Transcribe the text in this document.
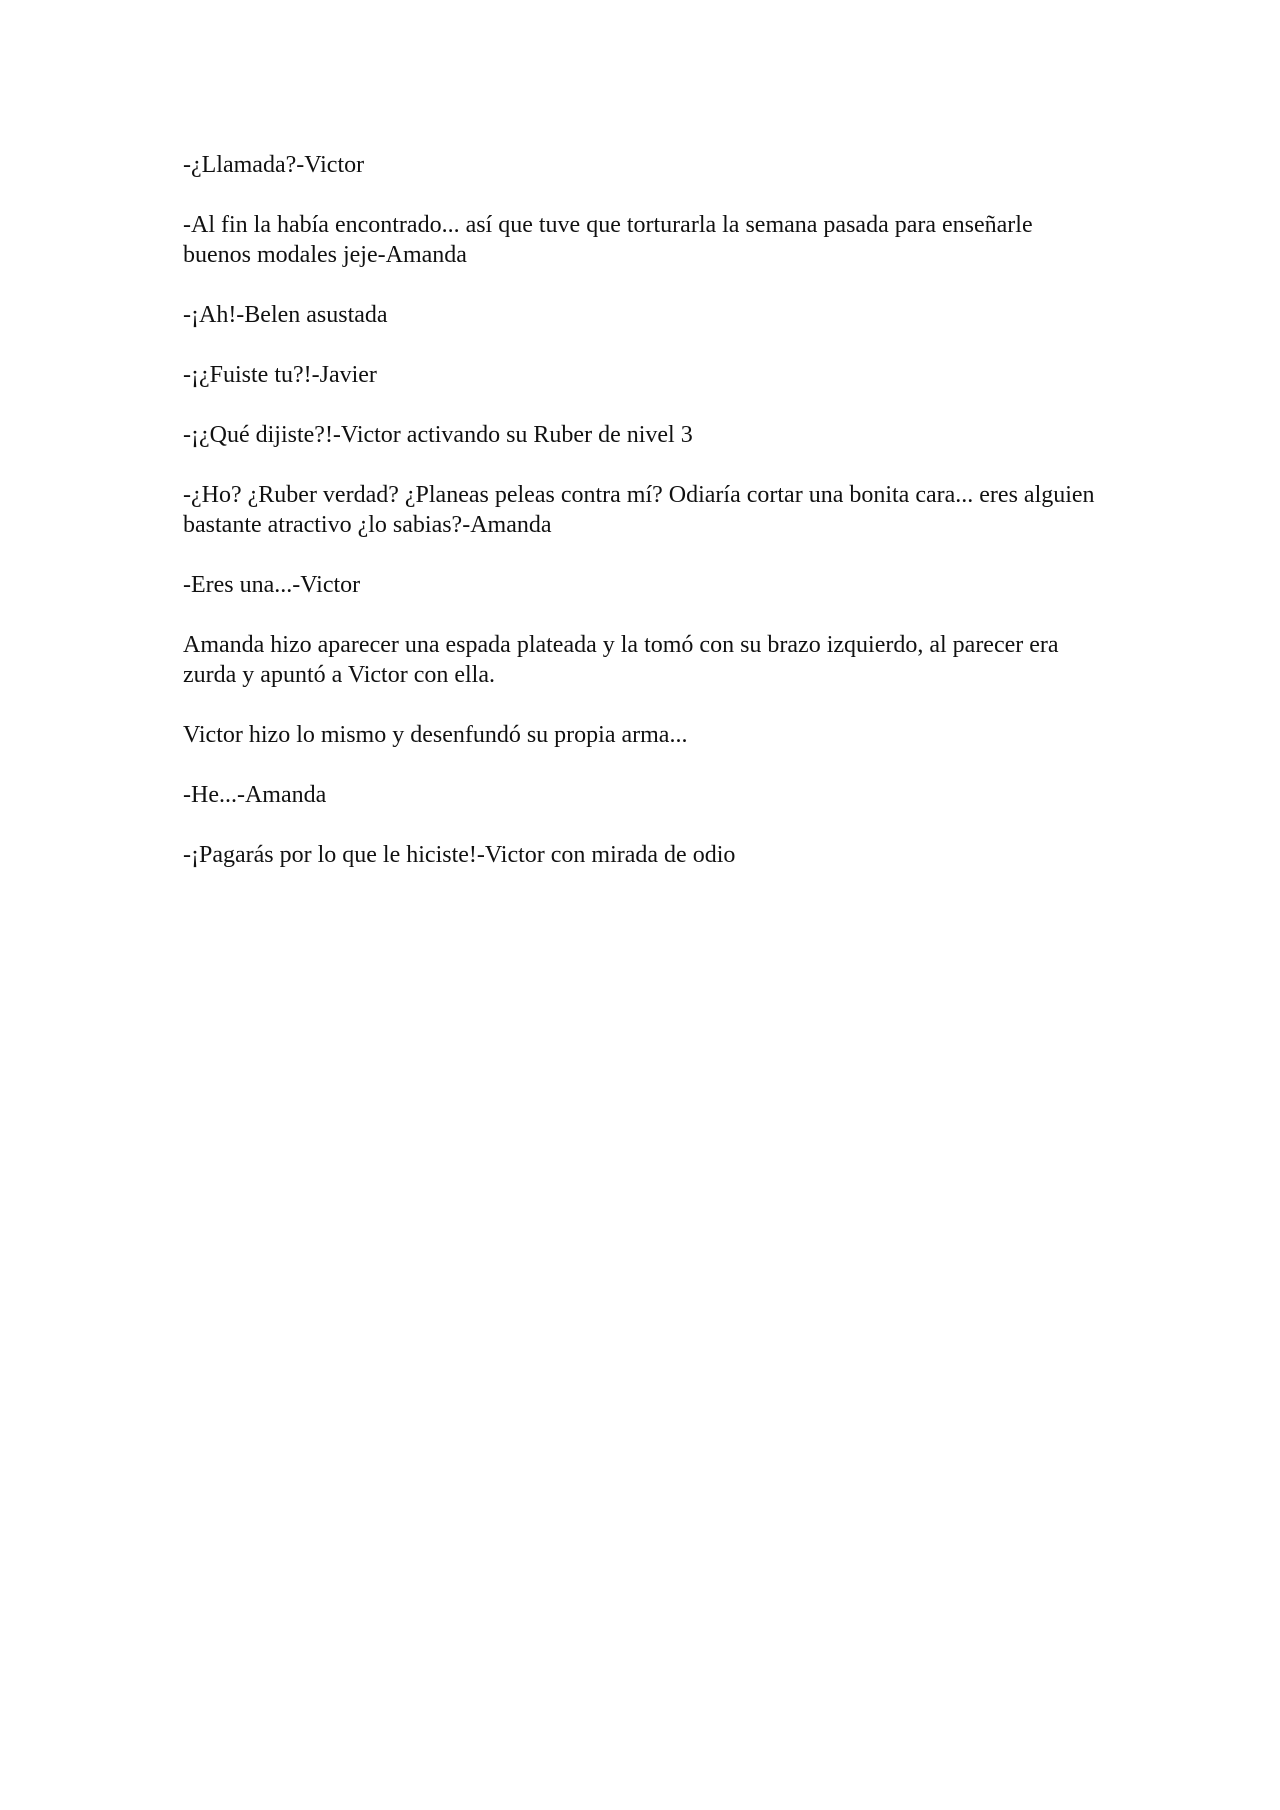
-¿Llamada?-Victor

-Al fin la había encontrado... así que tuve que torturarla la semana pasada para enseñarle buenos modales jeje-Amanda

-¡Ah!-Belen asustada

-¡¿Fuiste tu?!-Javier

-¡¿Qué dijiste?!-Victor activando su Ruber de nivel 3

-¿Ho? ¿Ruber verdad? ¿Planeas peleas contra mí? Odiaría cortar una bonita cara... eres alguien bastante atractivo ¿lo sabias?-Amanda

-Eres una...-Victor

Amanda hizo aparecer una espada plateada y la tomó con su brazo izquierdo, al parecer era zurda y apuntó a Victor con ella.

Victor hizo lo mismo y desenfundó su propia arma...

-He...-Amanda

-¡Pagarás por lo que le hiciste!-Victor con mirada de odio
